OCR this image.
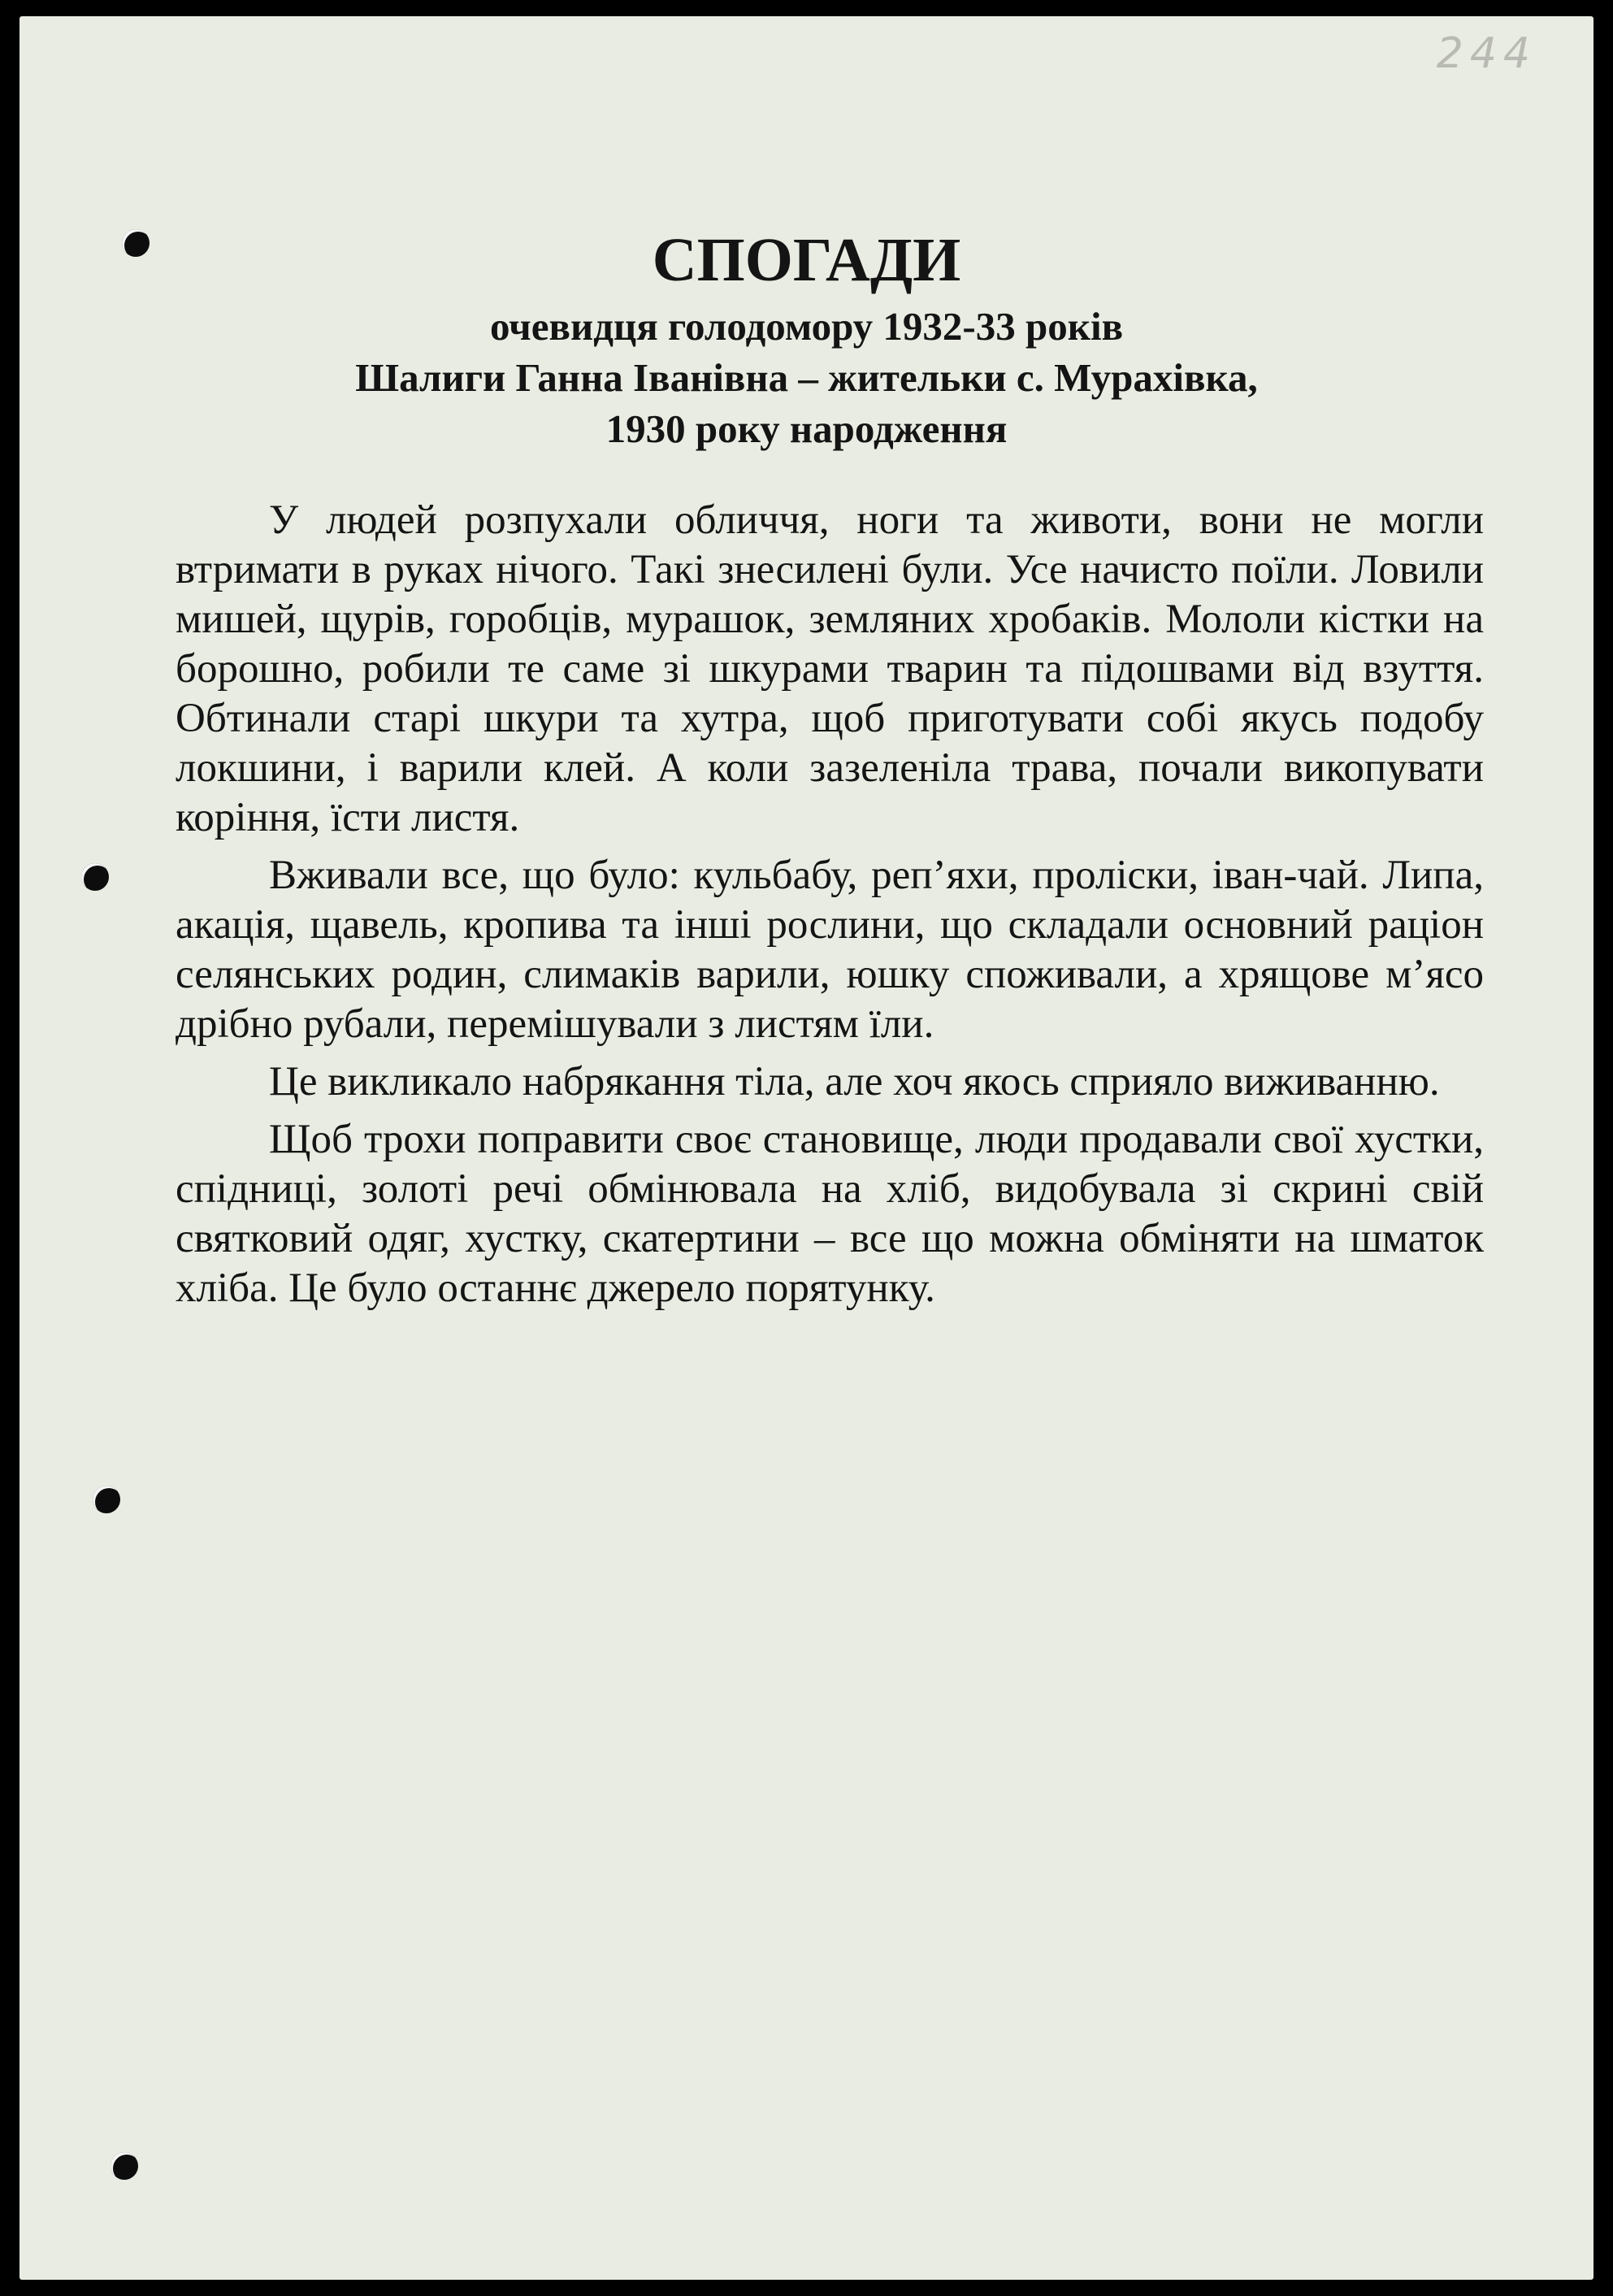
244

СПОГАДИ

очевидця голодомору 1932-33 років

Шалиги Ганна Іванівна – жительки с. Мурахівка,

1930 року народження

У людей розпухали обличчя, ноги та животи, вони не могли втримати в руках нічого. Такі знесилені були. Усе начисто поїли. Ловили мишей, щурів, горобців, мурашок, земляних хробаків. Мололи кістки на борошно, робили те саме зі шкурами тварин та підошвами від взуття. Обтинали старі шкури та хутра, щоб приготувати собі якусь подобу локшини, і варили клей. А коли зазеленіла трава, почали викопувати коріння, їсти листя.

Вживали все, що було: кульбабу, реп’яхи, проліски, іван-чай. Липа, акація, щавель, кропива та інші рослини, що складали основний раціон селянських родин, слимаків варили, юшку споживали, а хрящове м’ясо дрібно рубали, перемішували з листям їли.

Це викликало набрякання тіла, але хоч якось сприяло виживанню.

Щоб трохи поправити своє становище, люди продавали свої хустки, спідниці, золоті речі обмінювала на хліб, видобувала зі скрині свій святковий одяг, хустку, скатертини – все що можна обміняти на шматок хліба. Це було останнє джерело порятунку.
